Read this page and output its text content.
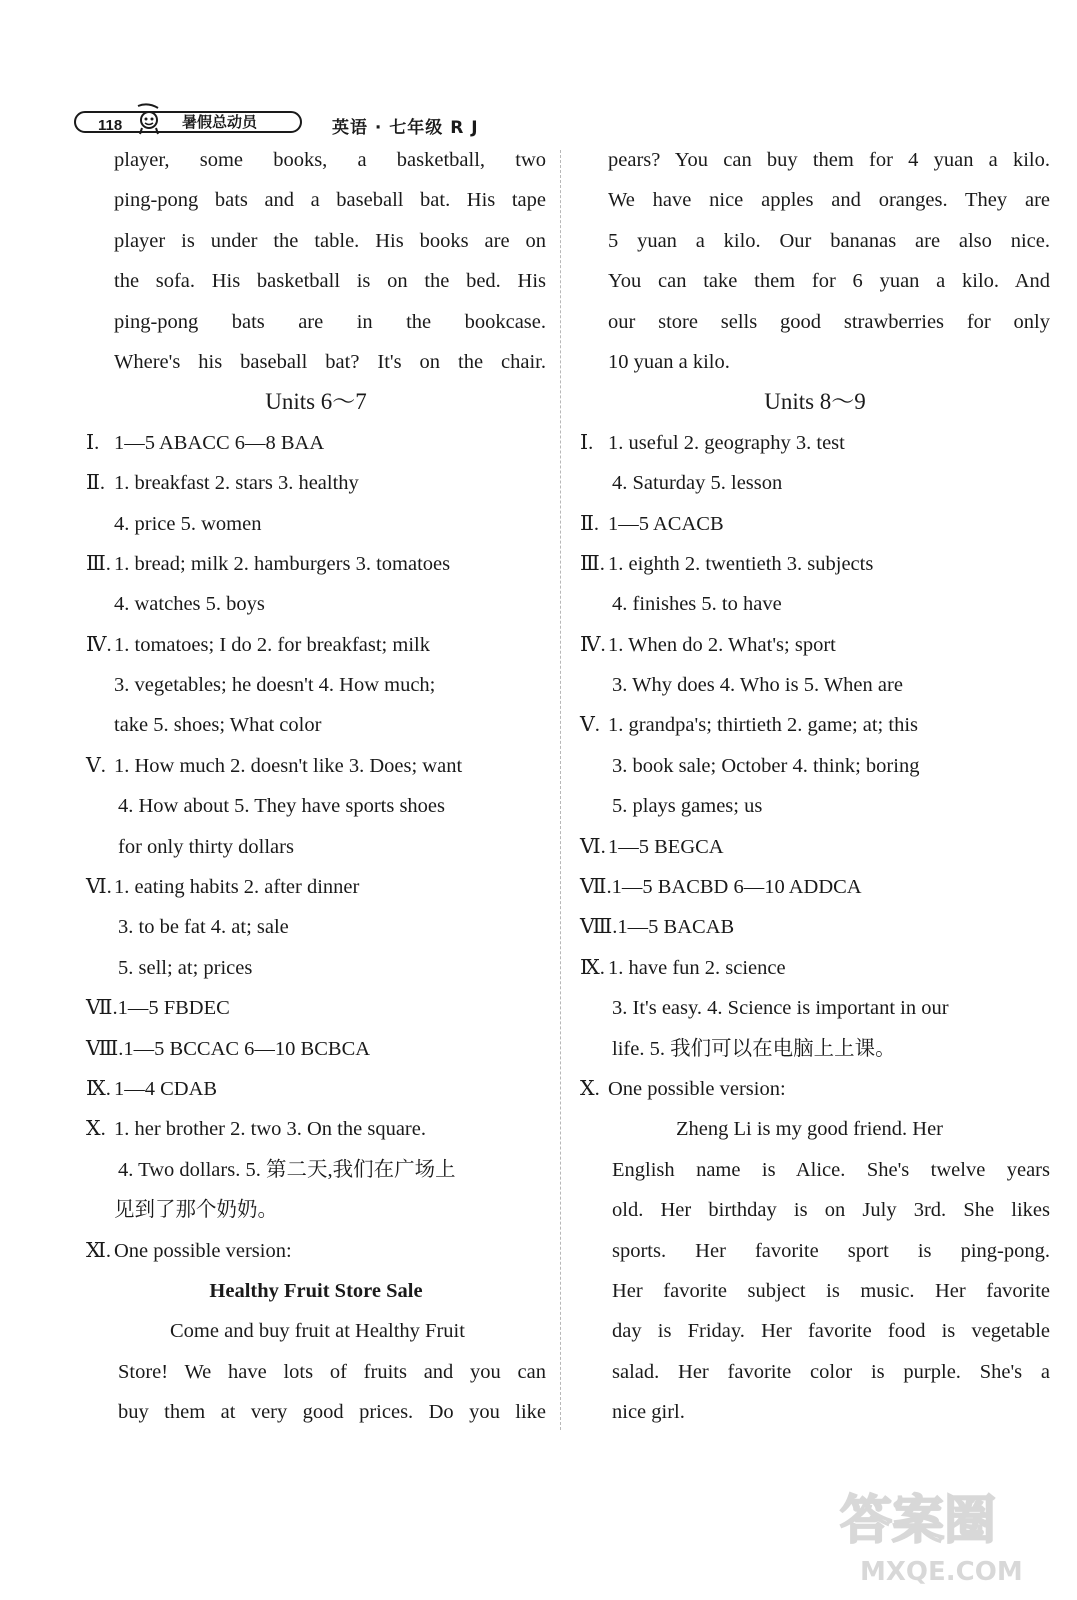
118	暑假总动员	英语 · 七年级 R J
player, some books, a basketball, two
ping-pong bats and a baseball bat. His tape
player is under the table. His books are on
the sofa. His basketball is on the bed. His
ping-pong bats are in the bookcase.
Where's his baseball bat? It's on the chair.
Units 6～7
Ⅰ. 1—5 ABACC 6—8 BAA
Ⅱ. 1. breakfast 2. stars 3. healthy
4. price 5. women
Ⅲ. 1. bread; milk 2. hamburgers 3. tomatoes
4. watches 5. boys
Ⅳ. 1. tomatoes; I do 2. for breakfast; milk
3. vegetables; he doesn't 4. How much;
take 5. shoes; What color
Ⅴ. 1. How much 2. doesn't like 3. Does; want
4. How about 5. They have sports shoes
for only thirty dollars
Ⅵ. 1. eating habits 2. after dinner
3. to be fat 4. at; sale
5. sell; at; prices
Ⅶ.1—5 FBDEC
Ⅷ.1—5 BCCAC 6—10 BCBCA
Ⅸ. 1—4 CDAB
Ⅹ. 1. her brother 2. two 3. On the square.
4. Two dollars. 5. 第二天,我们在广场上
见到了那个奶奶。
Ⅺ. One possible version:
Healthy Fruit Store Sale
Come and buy fruit at Healthy Fruit
Store! We have lots of fruits and you can
buy them at very good prices. Do you like
pears? You can buy them for 4 yuan a kilo.
We have nice apples and oranges. They are
5 yuan a kilo. Our bananas are also nice.
You can take them for 6 yuan a kilo. And
our store sells good strawberries for only
10 yuan a kilo.
Units 8～9
Ⅰ. 1. useful 2. geography 3. test
4. Saturday 5. lesson
Ⅱ. 1—5 ACACB
Ⅲ. 1. eighth 2. twentieth 3. subjects
4. finishes 5. to have
Ⅳ. 1. When do 2. What's; sport
3. Why does 4. Who is 5. When are
Ⅴ. 1. grandpa's; thirtieth 2. game; at; this
3. book sale; October 4. think; boring
5. plays games; us
Ⅵ. 1—5 BEGCA
Ⅶ.1—5 BACBD 6—10 ADDCA
Ⅷ.1—5 BACAB
Ⅸ. 1. have fun 2. science
3. It's easy. 4. Science is important in our
life. 5. 我们可以在电脑上上课。
Ⅹ. One possible version:
Zheng Li is my good friend. Her
English name is Alice. She's twelve years
old. Her birthday is on July 3rd. She likes
sports. Her favorite sport is ping-pong.
Her favorite subject is music. Her favorite
day is Friday. Her favorite food is vegetable
salad. Her favorite color is purple. She's a
nice girl.
答案圈
MXQE.COM
